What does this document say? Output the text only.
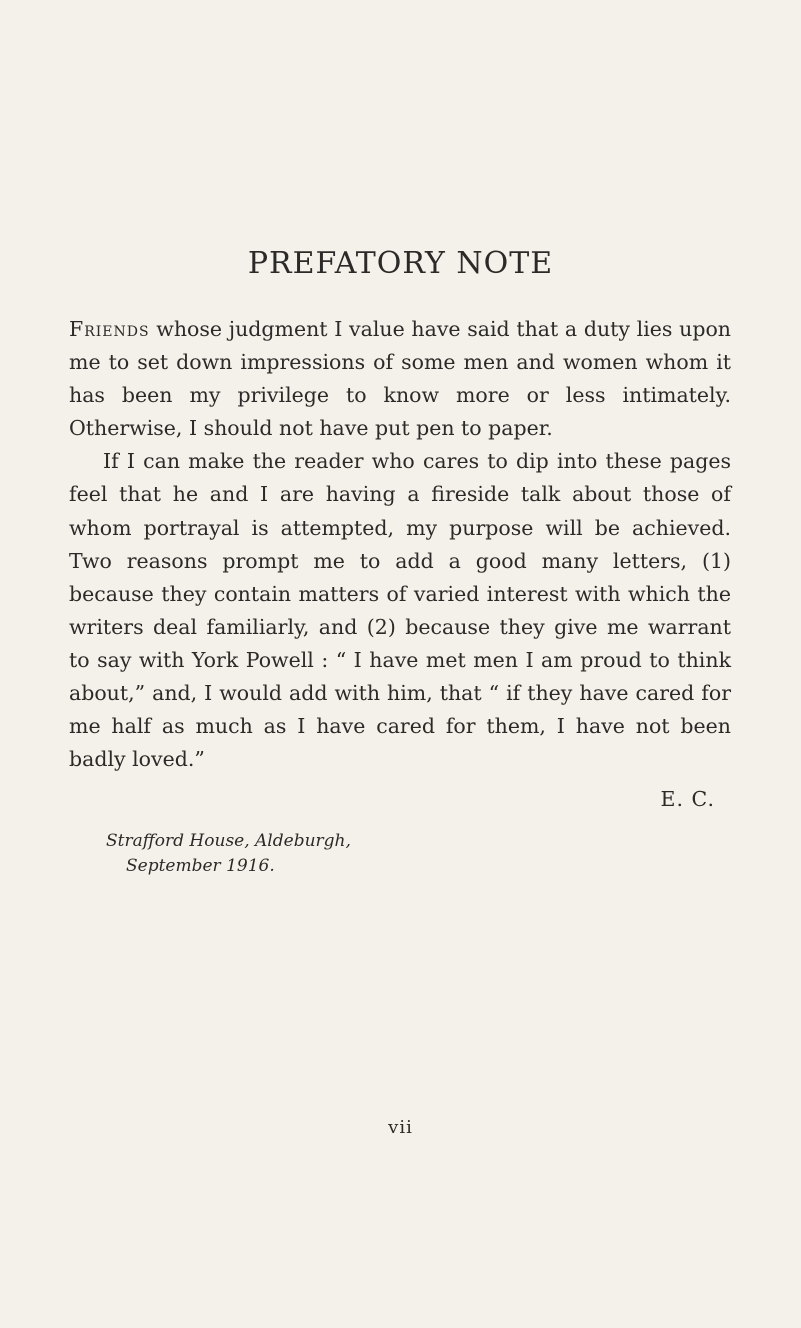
PREFATORY NOTE

Friends whose judgment I value have said that a duty lies upon me to set down impressions of some men and women whom it has been my privilege to know more or less intimately. Otherwise, I should not have put pen to paper.

If I can make the reader who cares to dip into these pages feel that he and I are having a fireside talk about those of whom portrayal is attempted, my purpose will be achieved. Two reasons prompt me to add a good many letters, (1) because they contain matters of varied interest with which the writers deal familiarly, and (2) because they give me warrant to say with York Powell : “ I have met men I am proud to think about,” and, I would add with him, that “ if they have cared for me half as much as I have cared for them, I have not been badly loved.”

E. C.
Strafford House, Aldeburgh,
September 1916.
vii
